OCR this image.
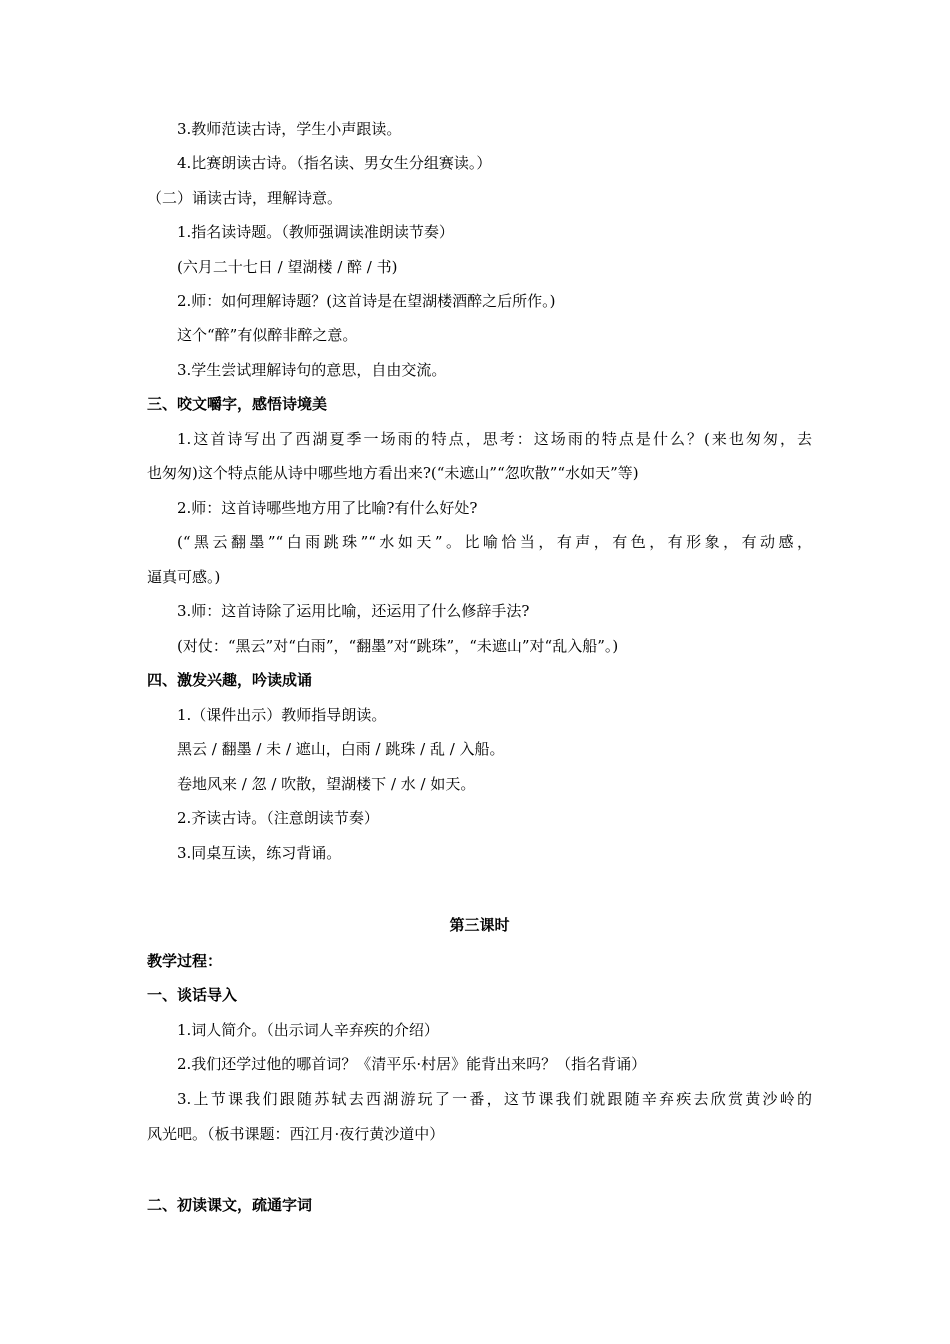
3.教师范读古诗，学生小声跟读。

4.比赛朗读古诗。（指名读、男女生分组赛读。）

（二）诵读古诗，理解诗意。

1.指名读诗题。（教师强调读准朗读节奏）

(六月二十七日 / 望湖楼 / 醉 / 书)

2.师：如何理解诗题？(这首诗是在望湖楼酒醉之后所作。)

这个“醉”有似醉非醉之意。

3.学生尝试理解诗句的意思，自由交流。

三、咬文嚼字，感悟诗境美

1.这首诗写出了西湖夏季一场雨的特点，思考：这场雨的特点是什么？(来也匆匆，去

也匆匆)这个特点能从诗中哪些地方看出来?(“未遮山”“忽吹散”“水如天”等)

2.师：这首诗哪些地方用了比喻?有什么好处?

(“黑云翻墨”“白雨跳珠”“水如天”。比喻恰当，有声，有色，有形象，有动感，

逼真可感。)

3.师：这首诗除了运用比喻，还运用了什么修辞手法?

(对仗：“黑云”对“白雨”，“翻墨”对“跳珠”，“未遮山”对“乱入船”。)

四、激发兴趣，吟读成诵

1.（课件出示）教师指导朗读。

黑云 / 翻墨 / 未 / 遮山，白雨 / 跳珠 / 乱 / 入船。

卷地风来 / 忽 / 吹散，望湖楼下 / 水 / 如天。

2.齐读古诗。（注意朗读节奏）

3.同桌互读，练习背诵。

第三课时

教学过程：

一、谈话导入

1.词人简介。（出示词人辛弃疾的介绍）

2.我们还学过他的哪首词？《清平乐·村居》能背出来吗？（指名背诵）

3.上节课我们跟随苏轼去西湖游玩了一番，这节课我们就跟随辛弃疾去欣赏黄沙岭的

风光吧。（板书课题：西江月·夜行黄沙道中）

二、初读课文，疏通字词
